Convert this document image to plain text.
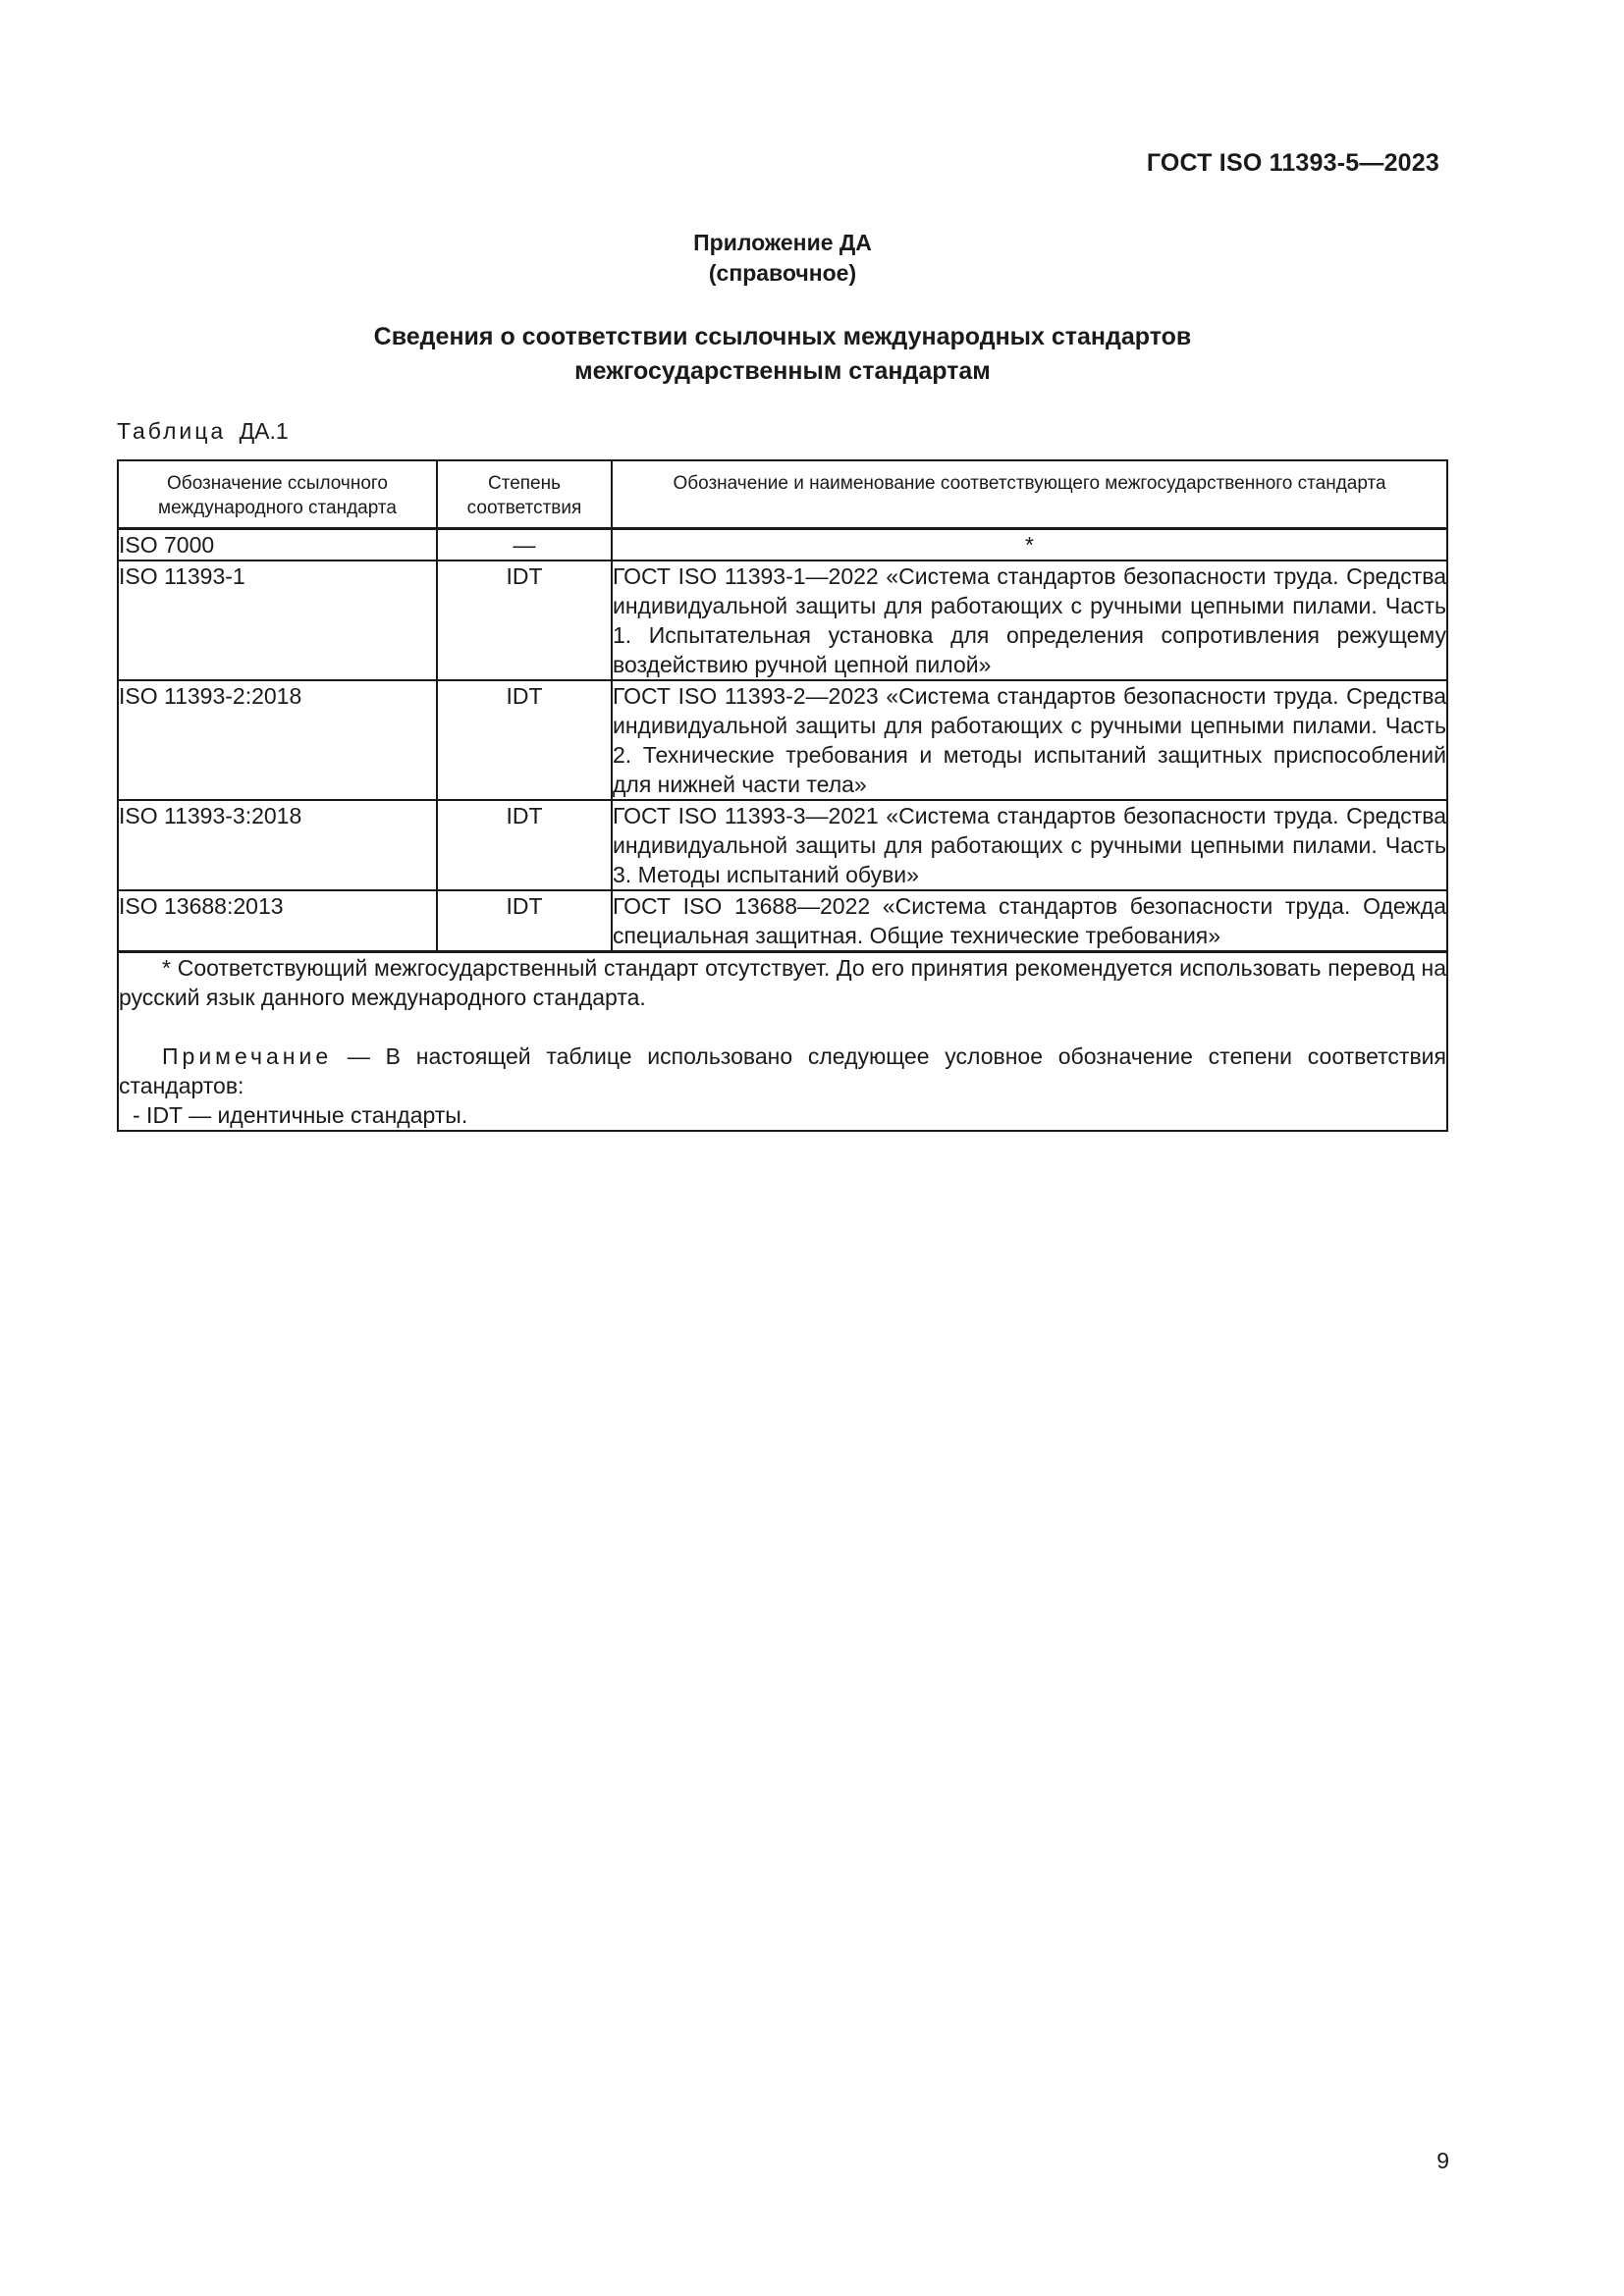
ГОСТ ISO 11393-5—2023
Приложение ДА
(справочное)
Сведения о соответствии ссылочных международных стандартов
межгосударственным стандартам
Таблица ДА.1
Обозначение ссылочного международного стандарта	Степень соответствия	Обозначение и наименование соответствующего межгосударственного стандарта
ISO 7000	—	*
ISO 11393-1	IDT	ГОСТ ISO 11393-1—2022 «Система стандартов безопасности труда. Средства индивидуальной защиты для работающих с ручными цепными пилами. Часть 1. Испытательная установка для определения сопротивления режущему воздействию ручной цепной пилой»
ISO 11393-2:2018	IDT	ГОСТ ISO 11393-2—2023 «Система стандартов безопасности труда. Средства индивидуальной защиты для работающих с ручными цепными пилами. Часть 2. Технические требования и методы испытаний защитных приспособлений для нижней части тела»
ISO 11393-3:2018	IDT	ГОСТ ISO 11393-3—2021 «Система стандартов безопасности труда. Средства индивидуальной защиты для работающих с ручными цепными пилами. Часть 3. Методы испытаний обуви»
ISO 13688:2013	IDT	ГОСТ ISO 13688—2022 «Система стандартов безопасности труда. Одежда специальная защитная. Общие технические требования»

* Соответствующий межгосударственный стандарт отсутствует. До его принятия рекомендуется использовать перевод на русский язык данного международного стандарта.

Примечание — В настоящей таблице использовано следующее условное обозначение степени соответствия стандартов:

- IDT — идентичные стандарты.		

9
